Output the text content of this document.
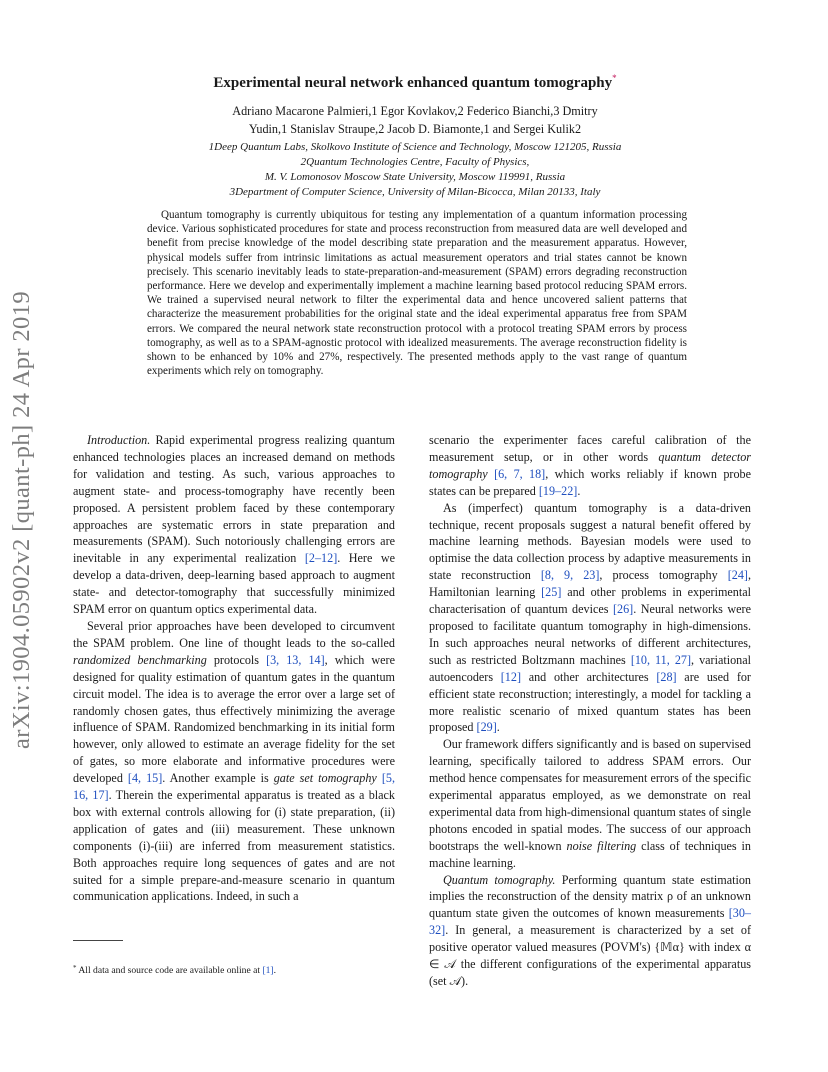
arXiv:1904.05902v2 [quant-ph] 24 Apr 2019
Experimental neural network enhanced quantum tomography*
Adriano Macarone Palmieri,1 Egor Kovlakov,2 Federico Bianchi,3 Dmitry
Yudin,1 Stanislav Straupe,2 Jacob D. Biamonte,1 and Sergei Kulik2
1Deep Quantum Labs, Skolkovo Institute of Science and Technology, Moscow 121205, Russia
2Quantum Technologies Centre, Faculty of Physics,
M. V. Lomonosov Moscow State University, Moscow 119991, Russia
3Department of Computer Science, University of Milan-Bicocca, Milan 20133, Italy
Quantum tomography is currently ubiquitous for testing any implementation of a quantum information processing device. Various sophisticated procedures for state and process reconstruction from measured data are well developed and benefit from precise knowledge of the model describing state preparation and the measurement apparatus. However, physical models suffer from intrinsic limitations as actual measurement operators and trial states cannot be known precisely. This scenario inevitably leads to state-preparation-and-measurement (SPAM) errors degrading reconstruction performance. Here we develop and experimentally implement a machine learning based protocol reducing SPAM errors. We trained a supervised neural network to filter the experimental data and hence uncovered salient patterns that characterize the measurement probabilities for the original state and the ideal experimental apparatus free from SPAM errors. We compared the neural network state reconstruction protocol with a protocol treating SPAM errors by process tomography, as well as to a SPAM-agnostic protocol with idealized measurements. The average reconstruction fidelity is shown to be enhanced by 10% and 27%, respectively. The presented methods apply to the vast range of quantum experiments which rely on tomography.

Introduction. Rapid experimental progress realizing quantum enhanced technologies places an increased demand on methods for validation and testing. As such, various approaches to augment state- and process-tomography have recently been proposed. A persistent problem faced by these contemporary approaches are systematic errors in state preparation and measurements (SPAM). Such notoriously challenging errors are inevitable in any experimental realization [2–12]. Here we develop a data-driven, deep-learning based approach to augment state- and detector-tomography that successfully minimized SPAM error on quantum optics experimental data.

Several prior approaches have been developed to circumvent the SPAM problem. One line of thought leads to the so-called randomized benchmarking protocols [3, 13, 14], which were designed for quality estimation of quantum gates in the quantum circuit model. The idea is to average the error over a large set of randomly chosen gates, thus effectively minimizing the average influence of SPAM. Randomized benchmarking in its initial form however, only allowed to estimate an average fidelity for the set of gates, so more elaborate and informative procedures were developed [4, 15]. Another example is gate set tomography [5, 16, 17]. Therein the experimental apparatus is treated as a black box with external controls allowing for (i) state preparation, (ii) application of gates and (iii) measurement. These unknown components (i)-(iii) are inferred from measurement statistics. Both approaches require long sequences of gates and are not suited for a simple prepare-and-measure scenario in quantum communication applications. Indeed, in such a

scenario the experimenter faces careful calibration of the measurement setup, or in other words quantum detector tomography [6, 7, 18], which works reliably if known probe states can be prepared [19–22].

As (imperfect) quantum tomography is a data-driven technique, recent proposals suggest a natural benefit offered by machine learning methods. Bayesian models were used to optimise the data collection process by adaptive measurements in state reconstruction [8, 9, 23], process tomography [24], Hamiltonian learning [25] and other problems in experimental characterisation of quantum devices [26]. Neural networks were proposed to facilitate quantum tomography in high-dimensions. In such approaches neural networks of different architectures, such as restricted Boltzmann machines [10, 11, 27], variational autoencoders [12] and other architectures [28] are used for efficient state reconstruction; interestingly, a model for tackling a more realistic scenario of mixed quantum states has been proposed [29].

Our framework differs significantly and is based on supervised learning, specifically tailored to address SPAM errors. Our method hence compensates for measurement errors of the specific experimental apparatus employed, as we demonstrate on real experimental data from high-dimensional quantum states of single photons encoded in spatial modes. The success of our approach bootstraps the well-known noise filtering class of techniques in machine learning.

Quantum tomography. Performing quantum state estimation implies the reconstruction of the density matrix ρ of an unknown quantum state given the outcomes of known measurements [30–32]. In general, a measurement is characterized by a set of positive operator valued measures (POVM's) {𝕄α} with index α ∈ 𝒜 the different configurations of the experimental apparatus (set 𝒜).

* All data and source code are available online at [1].
